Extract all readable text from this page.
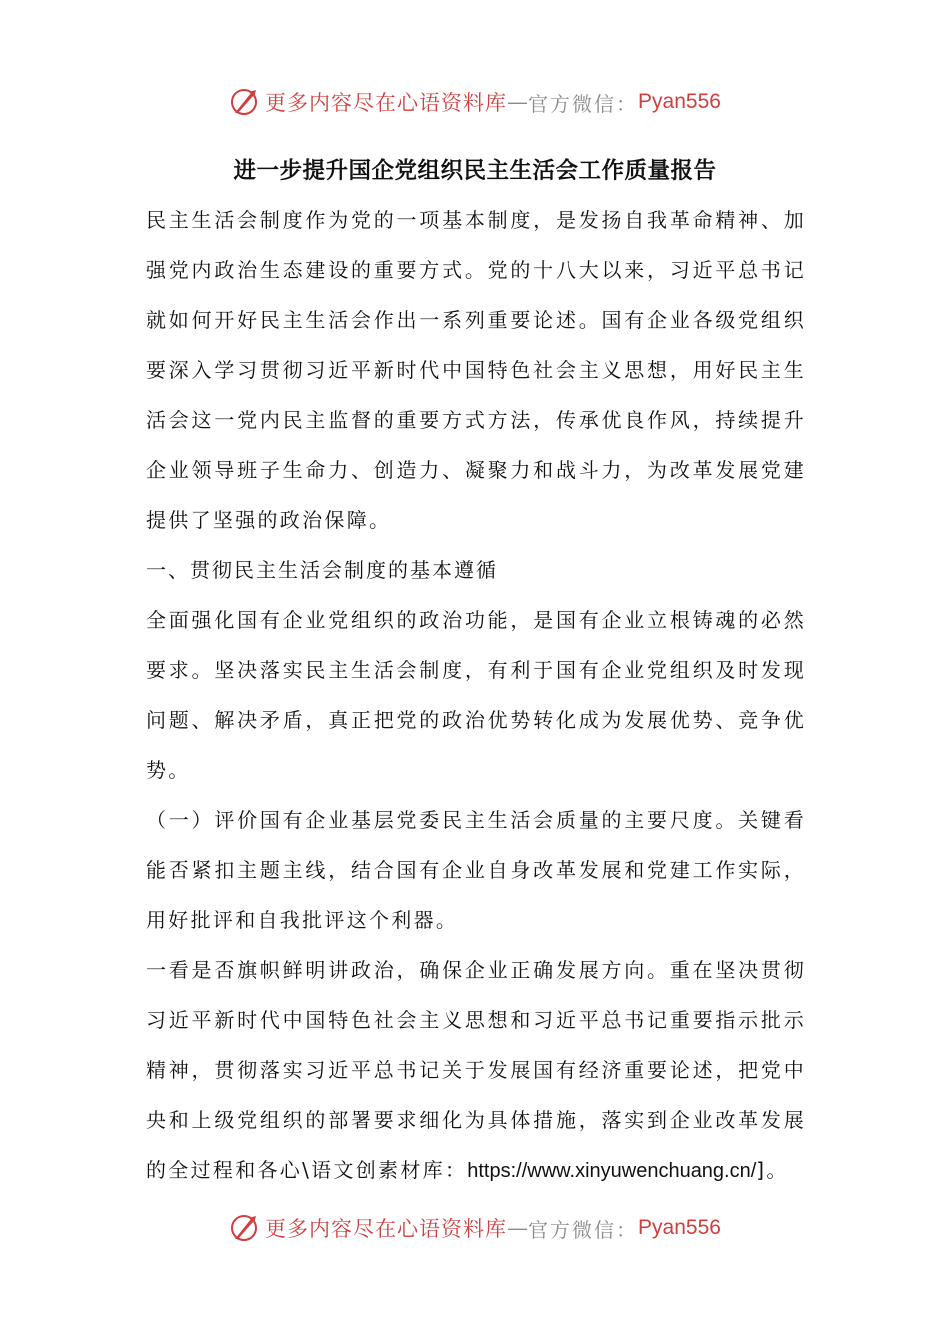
更多内容尽在心语资料库 — 官方微信： Pyan556
进一步提升国企党组织民主生活会工作质量报告

民主生活会制度作为党的一项基本制度，是发扬自我革命精神、加强党内政治生态建设的重要方式。党的十八大以来，习近平总书记就如何开好民主生活会作出一系列重要论述。国有企业各级党组织要深入学习贯彻习近平新时代中国特色社会主义思想，用好民主生活会这一党内民主监督的重要方式方法，传承优良作风，持续提升企业领导班子生命力、创造力、凝聚力和战斗力，为改革发展党建提供了坚强的政治保障。

一、贯彻民主生活会制度的基本遵循

全面强化国有企业党组织的政治功能，是国有企业立根铸魂的必然要求。坚决落实民主生活会制度，有利于国有企业党组织及时发现问题、解决矛盾，真正把党的政治优势转化成为发展优势、竞争优势。

（一）评价国有企业基层党委民主生活会质量的主要尺度。关键看能否紧扣主题主线，结合国有企业自身改革发展和党建工作实际，用好批评和自我批评这个利器。

一看是否旗帜鲜明讲政治，确保企业正确发展方向。重在坚决贯彻习近平新时代中国特色社会主义思想和习近平总书记重要指示批示精神，贯彻落实习近平总书记关于发展国有经济重要论述，把党中央和上级党组织的部署要求细化为具体措施，落实到企业改革发展的全过程和各心\语文创素材库：https://www.xinyuwenchuang.cn/]。

更多内容尽在心语资料库 — 官方微信： Pyan556
